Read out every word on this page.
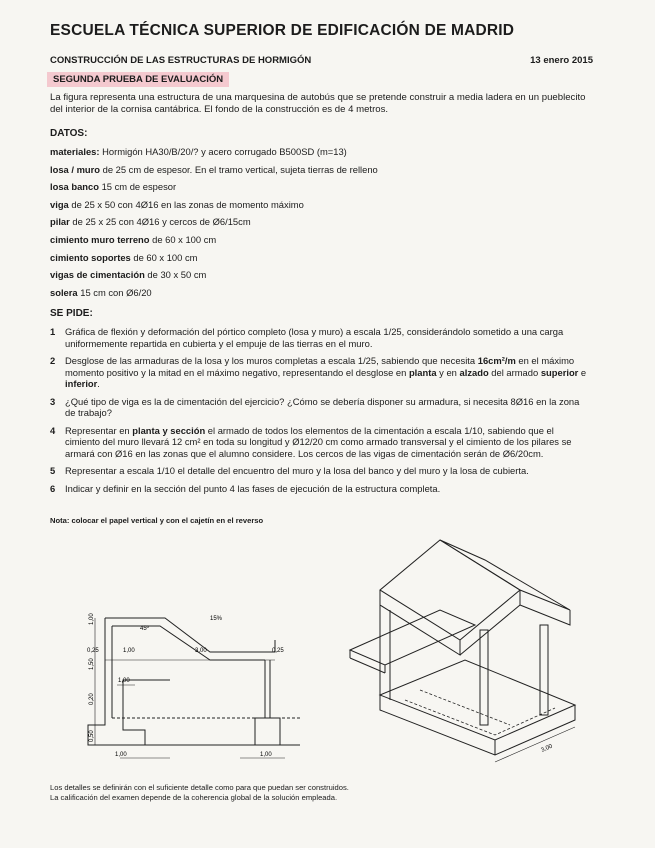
ESCUELA TÉCNICA SUPERIOR DE EDIFICACIÓN DE MADRID
CONSTRUCCIÓN DE LAS ESTRUCTURAS DE HORMIGÓN	13 enero 2015
SEGUNDA PRUEBA DE EVALUACIÓN
La figura representa una estructura de una marquesina de autobús que se pretende construir a media ladera en un pueblecito del interior de la cornisa cantábrica. El fondo de la construcción es de 4 metros.
DATOS:
materiales: Hormigón HA30/B/20/? y acero corrugado B500SD (m=13)
losa / muro de 25 cm de espesor. En el tramo vertical, sujeta tierras de relleno
losa banco 15 cm de espesor
viga de 25 x 50 con 4Ø16 en las zonas de momento máximo
pilar de 25 x 25 con 4Ø16 y cercos de Ø6/15cm
cimiento muro terreno de 60 x 100 cm
cimiento soportes de 60 x 100 cm
vigas de cimentación de 30 x 50 cm
solera 15 cm con Ø6/20
SE PIDE:
1 Gráfica de flexión y deformación del pórtico completo (losa y muro) a escala 1/25, considerándolo sometido a una carga uniformemente repartida en cubierta y el empuje de las tierras en el muro.
2 Desglose de las armaduras de la losa y los muros completas a escala 1/25, sabiendo que necesita 16cm²/m en el máximo momento positivo y la mitad en el máximo negativo, representando el desglose en planta y en alzado del armado superior e inferior.
3 ¿Qué tipo de viga es la de cimentación del ejercicio? ¿Cómo se debería disponer su armadura, si necesita 8Ø16 en la zona de trabajo?
4 Representar en planta y sección el armado de todos los elementos de la cimentación a escala 1/10, sabiendo que el cimiento del muro llevará 12 cm² en toda su longitud y Ø12/20 cm como armado transversal y el cimiento de los pilares se armará con Ø16 en las zonas que el alumno considere. Los cercos de las vigas de cimentación serán de Ø6/20cm.
5 Representar a escala 1/10 el detalle del encuentro del muro y la losa del banco y del muro y la losa de cubierta.
6 Indicar y definir en la sección del punto 4 las fases de ejecución de la estructura completa.
Nota: colocar el papel vertical y con el cajetín en el reverso
0,25	1,00	3,00	0,25
45º
15%
1,00
1,00	1,00
1,00
1,50
0,20
0,50
3,00
Los detalles se definirán con el suficiente detalle como para que puedan ser construidos.
La calificación del examen depende de la coherencia global de la solución empleada.
